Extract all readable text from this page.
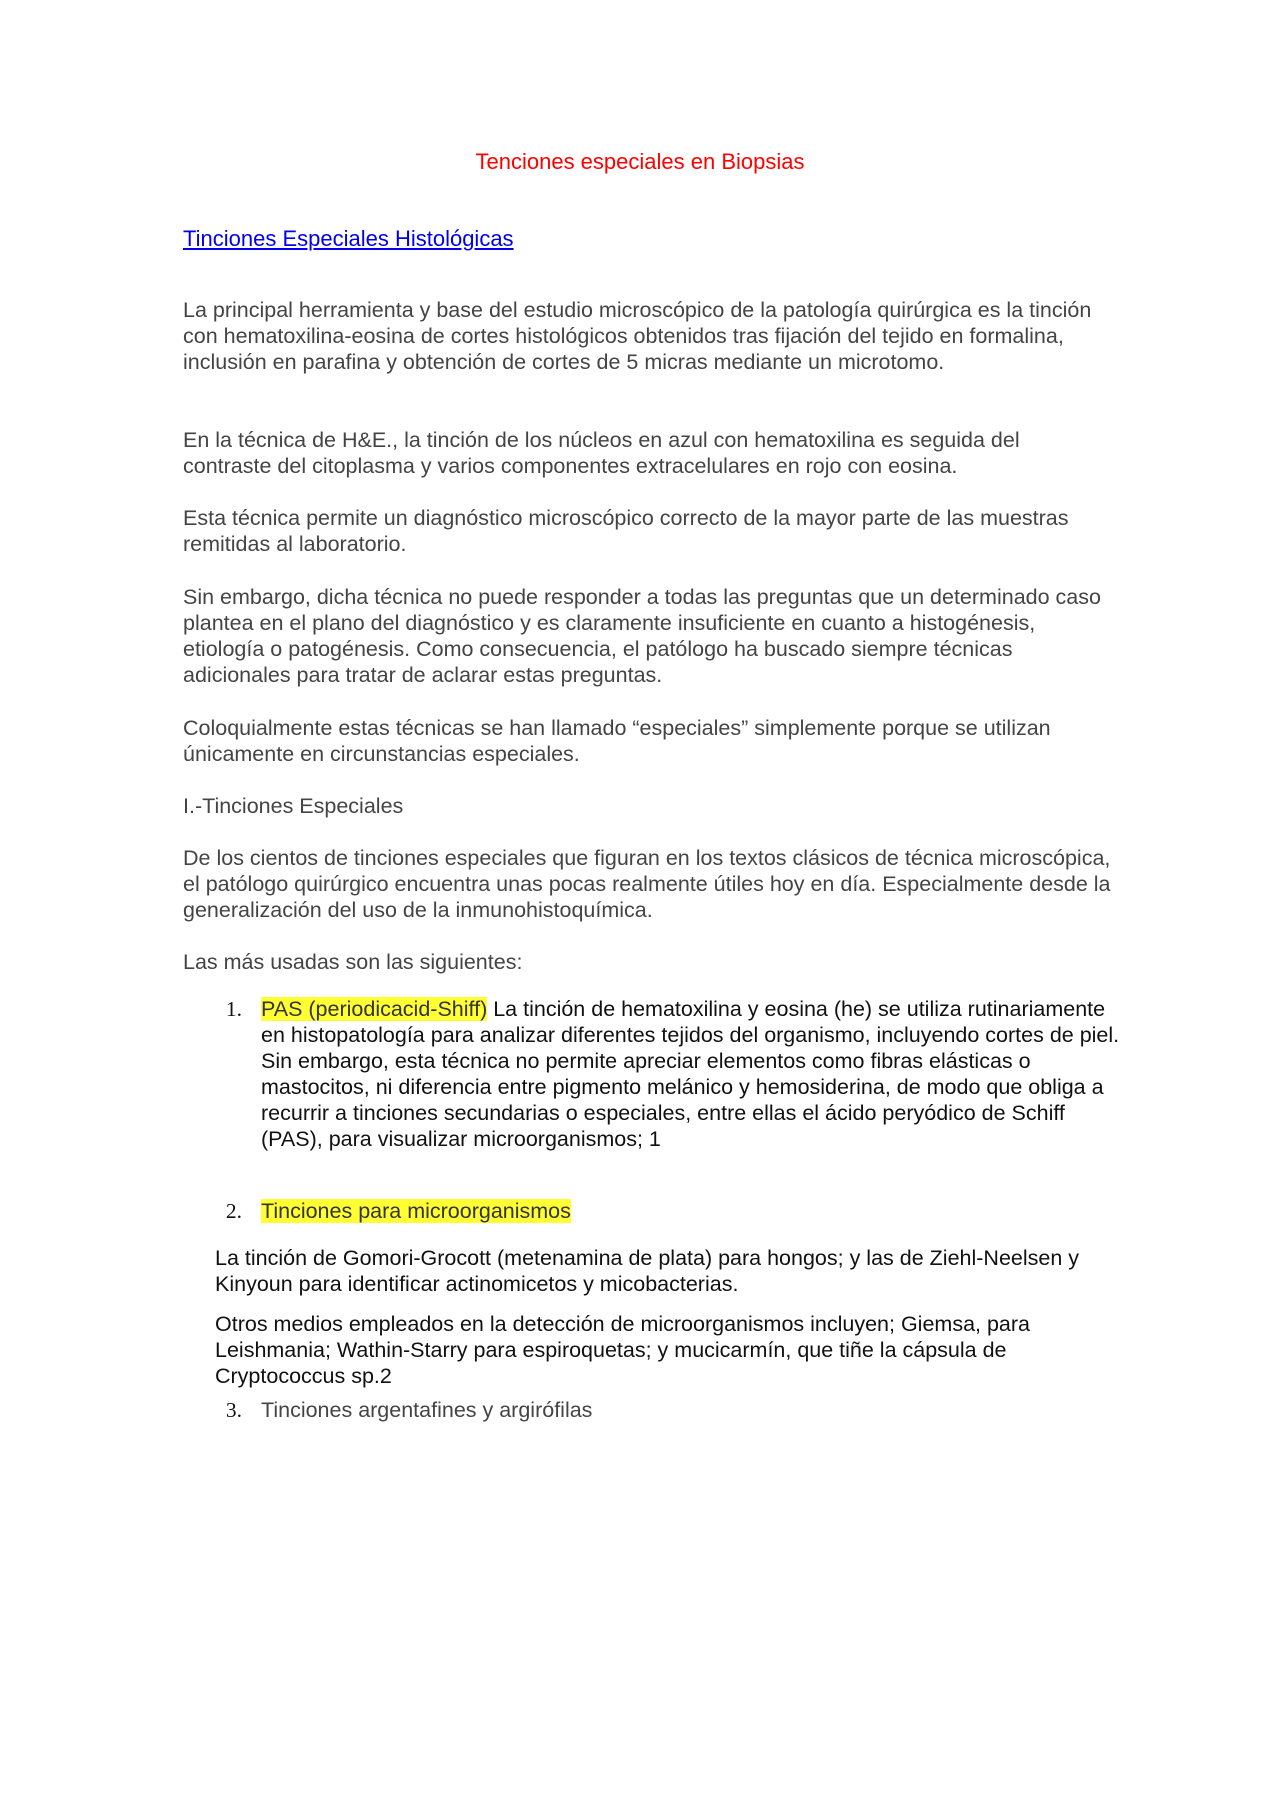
Tenciones especiales en Biopsias
Tinciones Especiales Histológicas

La principal herramienta y base del estudio microscópico de la patología quirúrgica es la tinción con hematoxilina-eosina de cortes histológicos obtenidos tras fijación del tejido en formalina, inclusión en parafina y obtención de cortes de 5 micras mediante un microtomo.

En la técnica de H&E., la tinción de los núcleos en azul con hematoxilina es seguida del contraste del citoplasma y varios componentes extracelulares en rojo con eosina.

Esta técnica permite un diagnóstico microscópico correcto de la mayor parte de las muestras remitidas al laboratorio.

Sin embargo, dicha técnica no puede responder a todas las preguntas que un determinado caso plantea en el plano del diagnóstico y es claramente insuficiente en cuanto a histogénesis, etiología o patogénesis. Como consecuencia, el patólogo ha buscado siempre técnicas adicionales para tratar de aclarar estas preguntas.

Coloquialmente estas técnicas se han llamado “especiales” simplemente porque se utilizan únicamente en circunstancias especiales.

I.-Tinciones Especiales

De los cientos de tinciones especiales que figuran en los textos clásicos de técnica microscópica, el patólogo quirúrgico encuentra unas pocas realmente útiles hoy en día. Especialmente desde la generalización del uso de la inmunohistoquímica.

Las más usadas son las siguientes:

1. PAS (periodicacid-Shiff) La tinción de hematoxilina y eosina (he) se utiliza rutinariamente en histopatología para analizar diferentes tejidos del organismo, incluyendo cortes de piel. Sin embargo, esta técnica no permite apreciar elementos como fibras elásticas o mastocitos, ni diferencia entre pigmento melánico y hemosiderina, de modo que obliga a recurrir a tinciones secundarias o especiales, entre ellas el ácido peryódico de Schiff (PAS), para visualizar microorganismos; 1
2. Tinciones para microorganismos

La tinción de Gomori-Grocott (metenamina de plata) para hongos; y las de Ziehl-Neelsen y Kinyoun para identificar actinomicetos y micobacterias.

Otros medios empleados en la detección de microorganismos incluyen; Giemsa, para Leishmania; Wathin-Starry para espiroquetas; y mucicarmín, que tiñe la cápsula de Cryptococcus sp.2

3. Tinciones argentafines y argirófilas
